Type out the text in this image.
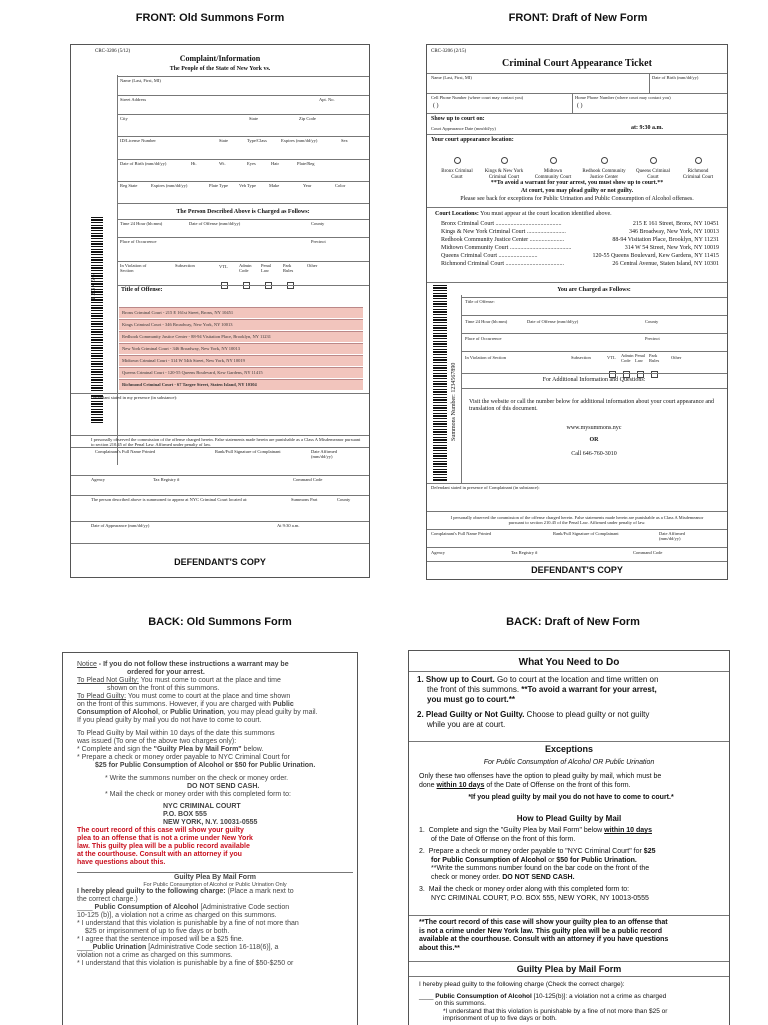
FRONT: Old Summons Form	FRONT: Draft of New Form
BACK: Old Summons Form	BACK: Draft of New Form
CRC-3206 (5/12)
Complaint/Information
The People of the State of New York vs.
Name (Last, First, MI)
Street Address	Apt. No.
City	State	Zip Code
ID/License Number	State	Type/Class	Expires (mm/dd/yy)	Sex
Date of Birth (mm/dd/yy)	Ht.	Wt.	Eyes	Hair	Plate/Reg
Reg State	Expires (mm/dd/yy)	Plate Type Veh Type	Make	Year	Color
The Person Described Above is Charged as Follows:
Time 24 Hour (hh:mm)	Date of Offense (mm/dd/yy)	County
Place of Occurrence	Precinct
In Violation of Section
Subsection	VTL	Admin Code
Penal Law
Park Rules
Other
Title of Offense:
Bronx Criminal Court - 215 E 161st Street, Bronx, NY 10451
Kings Criminal Court - 346 Broadway, New York, NY 10013
Redhook Community Justice Center - 88-94 Visitation Place, Brooklyn, NY 11231
New York Criminal Court - 346 Broadway, New York, NY 10013
Midtown Criminal Court - 314 W 54th Street, New York, NY 10019
Queens Criminal Court - 120-55 Queens Boulevard, Kew Gardens, NY 11415
Richmond Criminal Court - 67 Targee Street, Staten Island, NY 10304
1 2 3 4 5 6
Defendant stated in my presence (in substance):
I personally observed the commission of the offense charged herein. False statements made herein are punishable as a Class A Misdemeanor pursuant to section 210.45 of the Penal Law. Affirmed under penalty of law.
Complainant's Full Name Printed	Rank/Full Signature of Complainant	Date Affirmed (mm/dd/yy)
Agency	Tax Registry #	Command Code
The person described above is summoned to appear at NYC Criminal Court located at:	Summons Part	County
Date of Appearance (mm/dd/yy)	At 9:30 a.m.
DEFENDANT'S COPY
CRC-3206 (2/15)
Criminal Court Appearance Ticket
Name (Last, First, MI)	Date of Birth (mm/dd/yy)
Cell Phone Number (where court may contact you)	Home Phone Number (where court may contact you)
( )	( )
Show up to court on:
Court Appearance Date (mm/dd/yy)	at: 9:30 a.m.
Your court appearance location:
Bronx Criminal Court
Kings & New York Criminal Court
Midtown Community Court
Redhook Community Justice Center
Queens Criminal Court
Richmond Criminal Court
**To avoid a warrant for your arrest, you must show up to court.**
At court, you may plead guilty or not guilty.
Please see back for exceptions for Public Urination and Public Consumption of Alcohol offenses.
Court Locations: You must appear at the court location identified above.
Bronx Criminal Court ............................................	215 E 161 Street, Bronx, NY 10451
Kings & New York Criminal Court ..........................	346 Broadway, New York, NY 10013
Redhook Community Justice Center .......................	88-94 Visitation Place, Brooklyn, NY 11231
Midtown Community Court .........................................	314 W 54 Street, New York, NY 10019
Queens Criminal Court ..........................	120-55 Queens Boulevard, Kew Gardens, NY 11415
Richmond Criminal Court .......................................	26 Central Avenue, Staten Island, NY 10301
You are Charged as Follows:
Summons Number: 1234567890
Title of Offense:
Time 24 Hour (hh:mm)	Date of Offense (mm/dd/yy)	County
Place of Occurrence	Precinct
In Violation of Section	Subsection	VTL Admin Code
Penal Law
Park Rules
Other
For Additional Information and Questions:
Visit the website or call the number below for additional information about your court appearance and translation of this document.
www.mysummons.nyc
OR
Call 646-760-3010
Defendant stated in presence of Complainant (in substance):
I personally observed the commission of the offense charged herein. False statements made herein are punishable as a Class A Misdemeanor pursuant to section 210.45 of the Penal Law. Affirmed under penalty of law.
Complainant's Full Name Printed	Rank/Full Signature of Complainant	Date Affirmed (mm/dd/yy)
Agency	Tax Registry #	Command Code
DEFENDANT'S COPY
Notice - If you do not follow these instructions a warrant may be
ordered for your arrest.
To Plead Not Guilty: You must come to court at the place and time
shown on the front of this summons.
To Plead Guilty: You must come to court at the place and time shown
on the front of this summons. However, if you are charged with Public
Consumption of Alcohol, or Public Urination, you may plead guilty by mail.
If you plead guilty by mail you do not have to come to court.
To Plead Guilty by Mail within 10 days of the date this summons
was issued (To one of the above two charges only):
* Complete and sign the "Guilty Plea by Mail Form" below.
* Prepare a check or money order payable to NYC Criminal Court for
$25 for Public Consumption of Alcohol or $50 for Public Urination.
* Write the summons number on the check or money order.
DO NOT SEND CASH.
* Mail the check or money order with this completed form to:
NYC CRIMINAL COURT
P.O. BOX 555
NEW YORK, N.Y. 10031-0555
The court record of this case will show your guilty
plea to an offense that is not a crime under New York
law. This guilty plea will be a public record available
at the courthouse. Consult with an attorney if you
have questions about this.
Guilty Plea By Mail Form
For Public Consumption of Alcohol or Public Urination Only
I hereby plead guilty to the following charge: (Place a mark next to
the correct charge.)
____ Public Consumption of Alcohol [Administrative Code section
10-125 (b)], a violation not a crime as charged on this summons.
* I understand that this violation is punishable by a fine of not more than
$25 or imprisonment of up to five days or both.
* I agree that the sentence imposed will be a $25 fine.
____Public Urination [Administrative Code section 16-118(6)], a
violation not a crime as charged on this summons.
* I understand that this violation is punishable by a fine of $50-$250 or
What You Need to Do
1. Show up to Court. Go to court at the location and time written on
the front of this summons. **To avoid a warrant for your arrest,
you must go to court.**
2. Plead Guilty or Not Guilty. Choose to plead guilty or not guilty
while you are at court.
Exceptions
For Public Consumption of Alcohol OR Public Urination
Only these two offenses have the option to plead guilty by mail, which must be
done within 10 days of the Date of Offense on the front of this form.
*If you plead guilty by mail you do not have to come to court.*
How to Plead Guilty by Mail
1.  Complete and sign the "Guilty Plea by Mail Form" below within 10 days
of the Date of Offense on the front of this form.
2.  Prepare a check or money order payable to "NYC Criminal Court" for $25
for Public Consumption of Alcohol or $50 for Public Urination.
**Write the summons number found on the bar code on the front of the
check or money order. DO NOT SEND CASH.
3.  Mail the check or money order along with this completed form to:
NYC CRIMINAL COURT, P.O. BOX 555, NEW YORK, NY 10013-0555
**The court record of this case will show your guilty plea to an offense that
is not a crime under New York law. This guilty plea will be a public record
available at the courthouse. Consult with an attorney if you have questions
about this.**
Guilty Plea by Mail Form
I hereby plead guilty to the following charge (Check the correct charge):
____ Public Consumption of Alcohol [10-125(b)]: a violation not a crime as charged
on this summons.
*I understand that this violation is punishable by a fine of not more than $25 or
imprisonment of up to five days or both.
